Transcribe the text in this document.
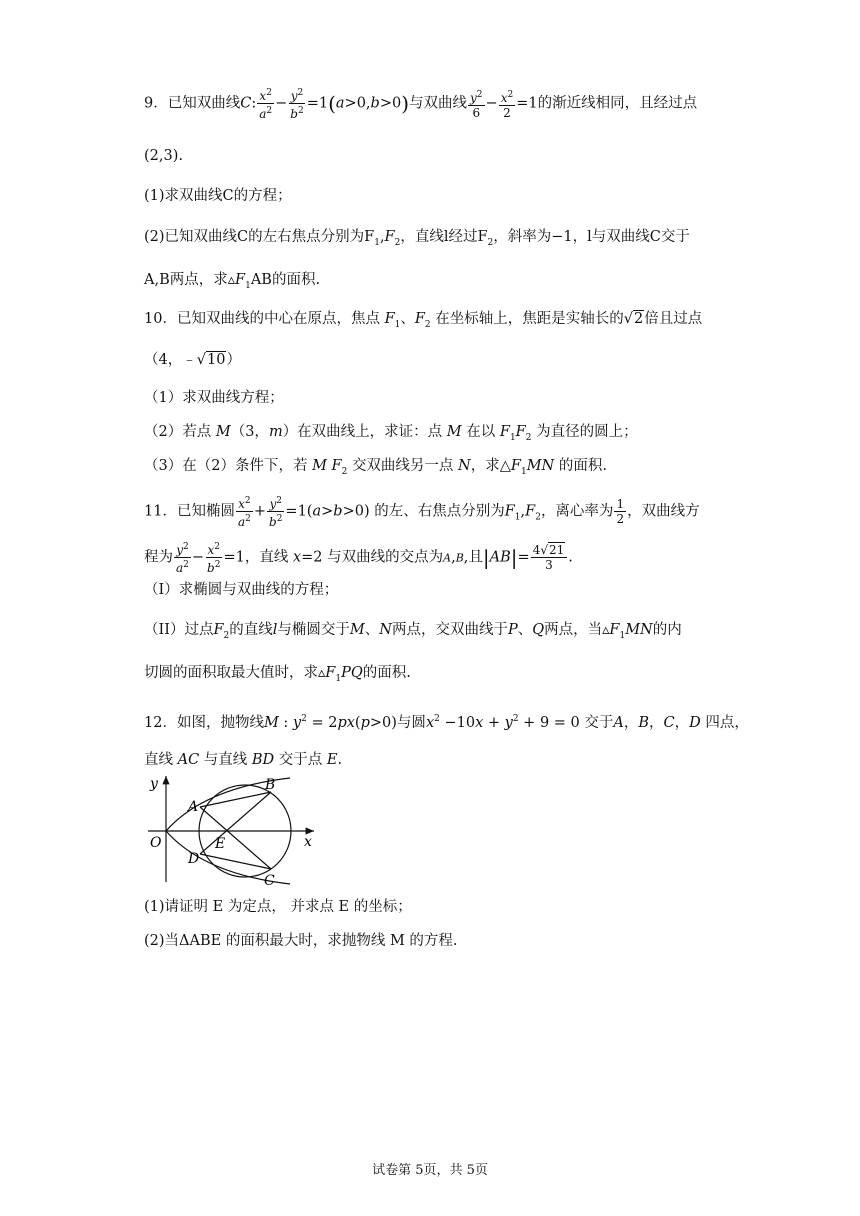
9．已知双曲线C: $\frac{x^2}{a^2} - \frac{y^2}{b^2} =1(a>0,b>0)$与双曲线 $\frac{y^2}{6} - \frac{x^2}{2} =1$的渐近线相同，且经过点
(2,3).
(1)求双曲线C的方程；
(2)已知双曲线C的左右焦点分别为$F_1,F_2$，直线l经过$F_2$，斜率为−1，l与双曲线C交于
A,B两点，求$▵F_1AB$的面积.
10．已知双曲线的中心在原点，焦点 $F_1$、$F_2$ 在坐标轴上，焦距是实轴长的√2倍且过点
（4，﹣√10）
（1）求双曲线方程；
（2）若点 M（3，m）在双曲线上，求证：点 M 在以 $F_1F_2$ 为直径的圆上；
（3）在（2）条件下，若 M $F_2$ 交双曲线另一点 N，求$\triangle F_1MN$ 的面积.
11．已知椭圆 $\frac{x^2}{a^2} + \frac{y^2}{b^2} =1(a>b>0)$ 的左、右焦点分别为$F_1,F_2$，离心率为 $\frac{1}{2}$ ，双曲线方
程为 $\frac{y^2}{a^2} - \frac{x^2}{b^2} =1$，直线 x=2 与双曲线的交点为A,B,且$|AB|= \frac{4√21}{3}$ .
（I）求椭圆与双曲线的方程；
（II）过点$F_2$的直线l与椭圆交于M、N两点，交双曲线于P、Q两点，当$▵F_1MN$的内
切圆的面积取最大值时，求$▵F_1PQ$的面积.
12．如图，抛物线M : $y^2 = 2px(p>0)$与圆$x^2 -10x + y^2 + 9 = 0$ 交于A，B，C，D 四点，
直线 AC 与直线 BD 交于点 E.
y
x
O
A
B
C
D
E
(1)请证明 E 为定点， 并求点 E 的坐标；
(2)当ΔABE 的面积最大时，求抛物线 M 的方程.
试卷第 5页，共 5页
